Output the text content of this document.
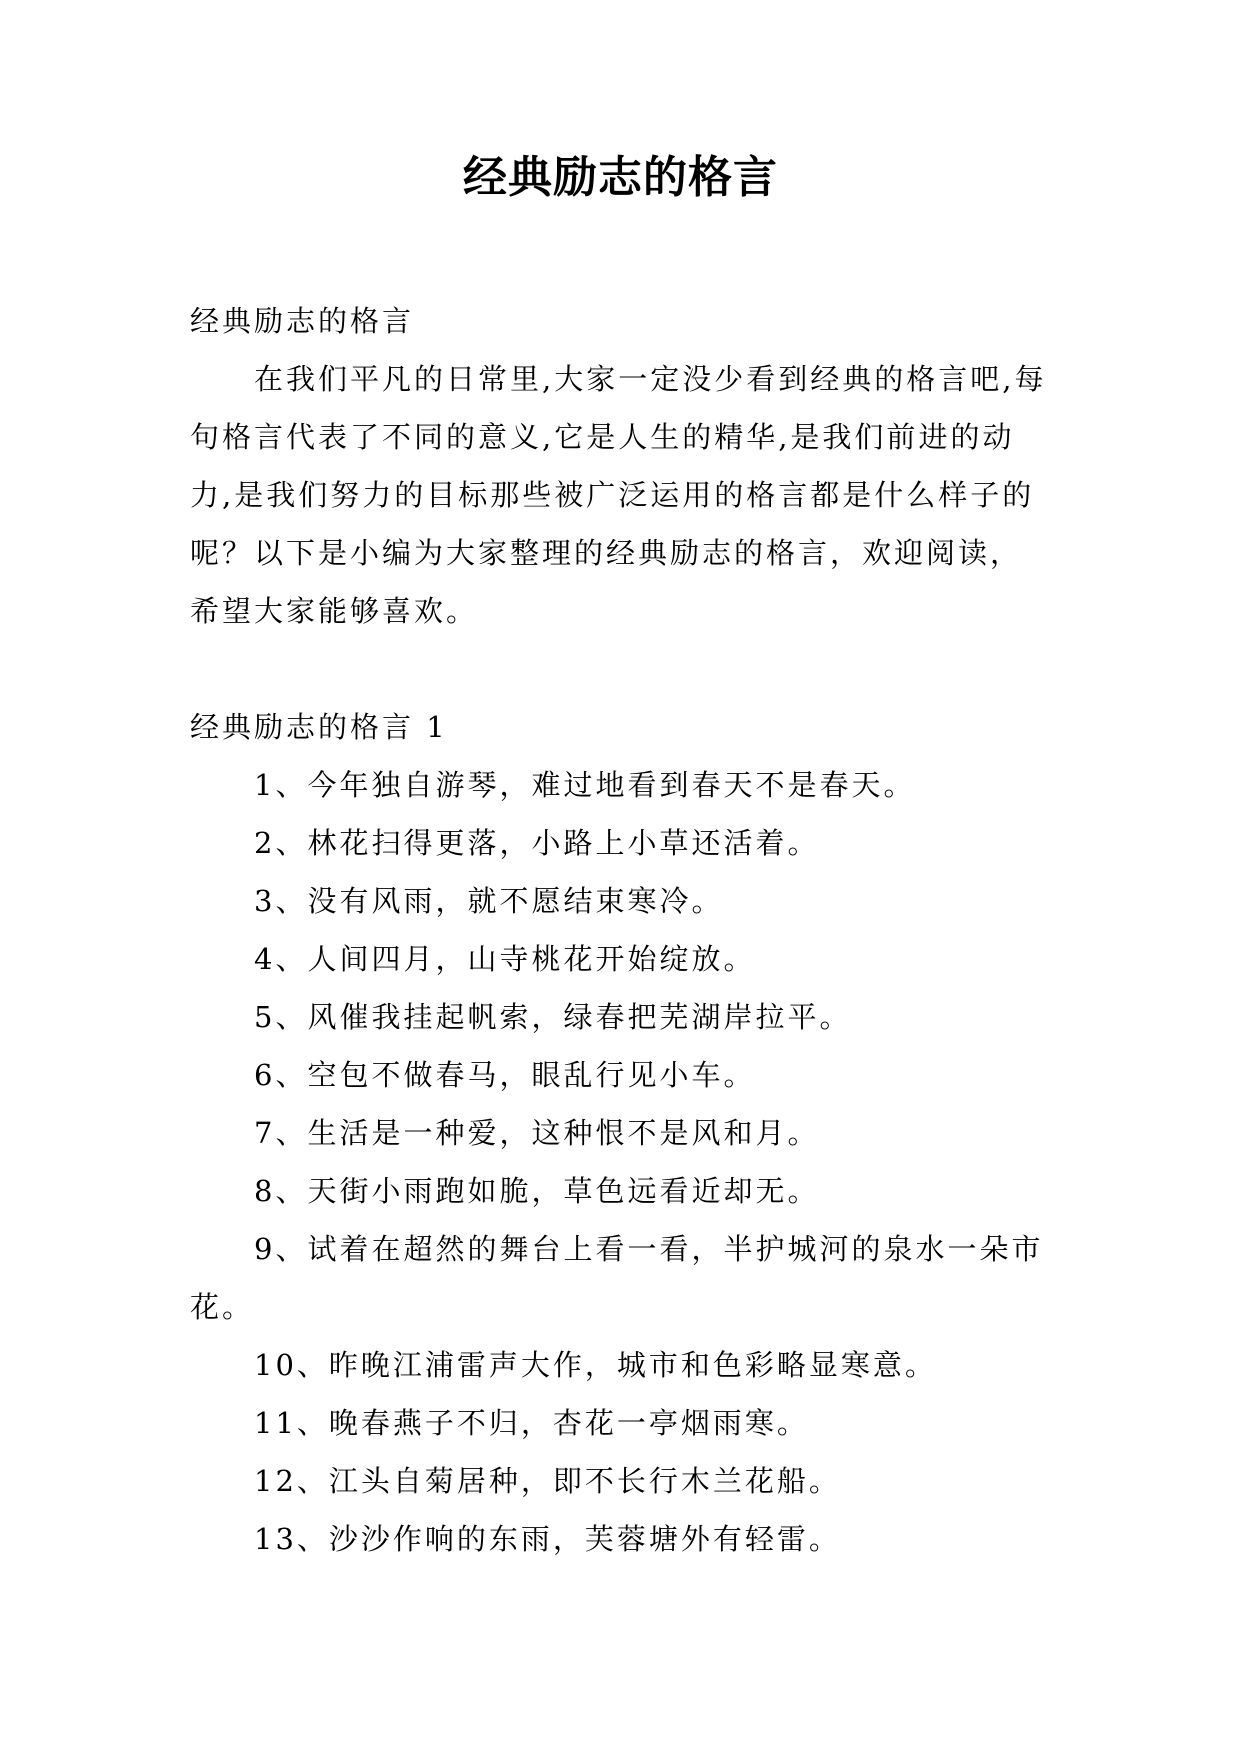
经典励志的格言

经典励志的格言

在我们平凡的日常里,大家一定没少看到经典的格言吧,每句格言代表了不同的意义,它是人生的精华,是我们前进的动力,是我们努力的目标那些被广泛运用的格言都是什么样子的呢？以下是小编为大家整理的经典励志的格言，欢迎阅读，希望大家能够喜欢。

经典励志的格言 1

1、今年独自游琴，难过地看到春天不是春天。

2、林花扫得更落，小路上小草还活着。

3、没有风雨，就不愿结束寒冷。

4、人间四月，山寺桃花开始绽放。

5、风催我挂起帆索，绿春把芜湖岸拉平。

6、空包不做春马，眼乱行见小车。

7、生活是一种爱，这种恨不是风和月。

8、天街小雨跑如脆，草色远看近却无。

9、试着在超然的舞台上看一看，半护城河的泉水一朵市花。

10、昨晚江浦雷声大作，城市和色彩略显寒意。

11、晚春燕子不归，杏花一亭烟雨寒。

12、江头自菊居种，即不长行木兰花船。

13、沙沙作响的东雨，芙蓉塘外有轻雷。
